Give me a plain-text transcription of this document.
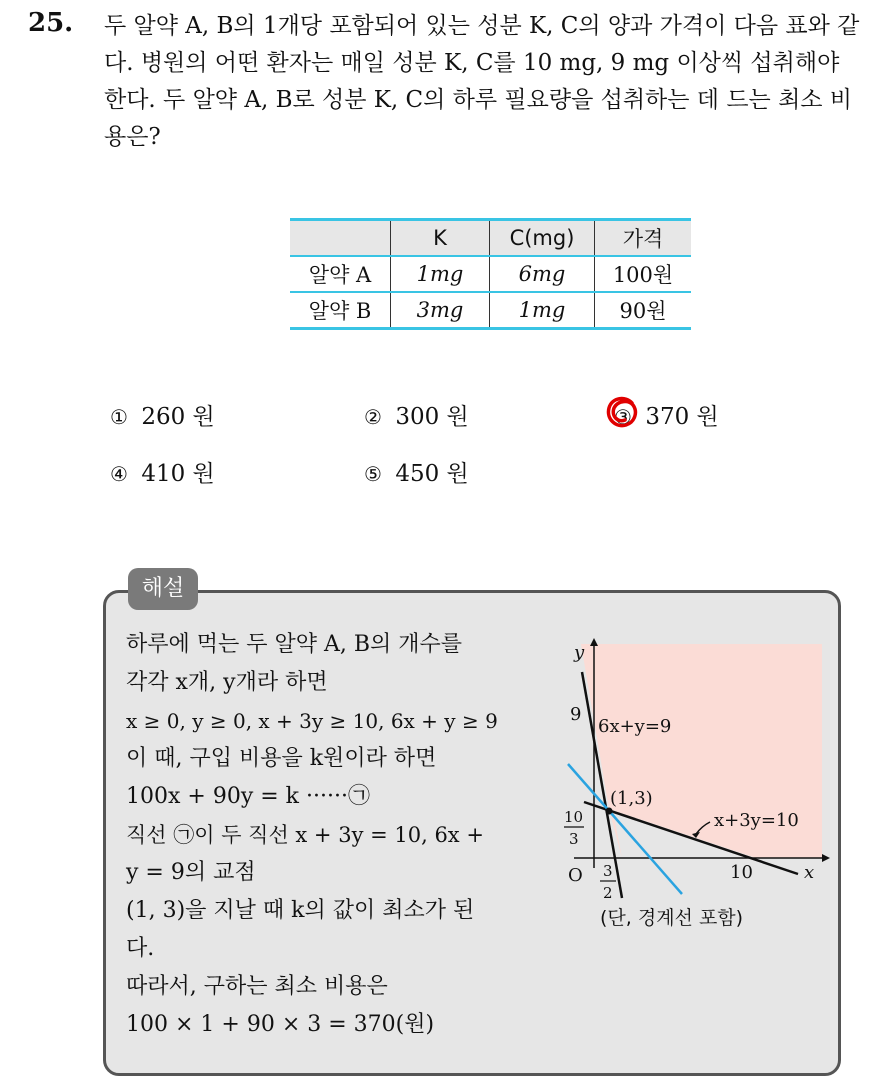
25. 두 알약 A, B의 1개당 포함되어 있는 성분 K, C의 양과 가격이 다음 표와 같다. 병원의 어떤 환자는 매일 성분 K, C를 10 mg, 9 mg 이상씩 섭취해야 한다. 두 알약 A, B로 성분 K, C의 하루 필요량을 섭취하는 데 드는 최소 비용은?
	K	C(mg)	가격
알약 A	1mg	6mg	100원
알약 B	3mg	1mg	90원
① 260 원	② 300 원	③ 370 원
④ 410 원	⑤ 450 원
해설
하루에 먹는 두 알약 A, B의 개수를
각각 x개, y개라 하면
x ≥ 0, y ≥ 0, x + 3y ≥ 10, 6x + y ≥ 9
이 때, 구입 비용을 k원이라 하면
100x + 90y = k ······㉠
직선 ㉠이 두 직선 x + 3y = 10, 6x +
y = 9의 교점
(1, 3)을 지날 때 k의 값이 최소가 된
다.
따라서, 구하는 최소 비용은
100 × 1 + 90 × 3 = 370(원)
y
x
O
9
6x+y=9
(1,3)
x+3y=10
10
3
3
2
10
(단, 경계선 포함)
